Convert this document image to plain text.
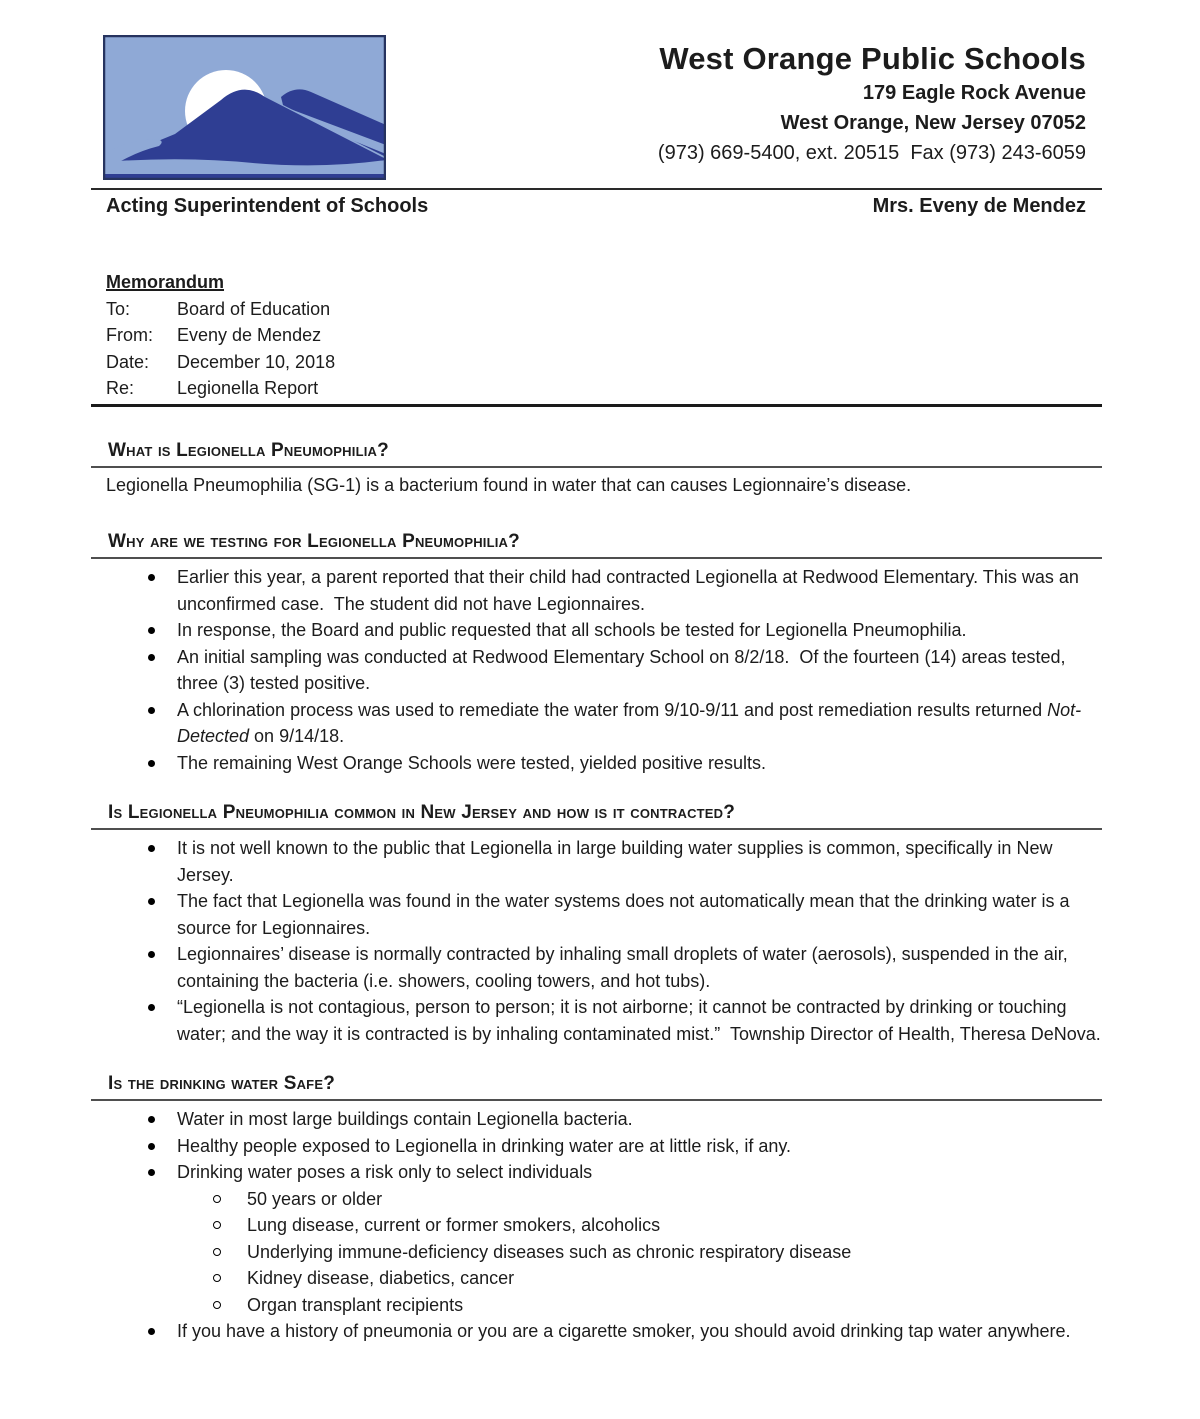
West Orange Public Schools
179 Eagle Rock Avenue
West Orange, New Jersey 07052
(973) 669-5400, ext. 20515  Fax (973) 243-6059
Acting Superintendent of Schools	Mrs. Eveny de Mendez
Memorandum
To:	Board of Education
From:	Eveny de Mendez
Date:	December 10, 2018
Re:	Legionella Report
What is Legionella Pneumophilia?

Legionella Pneumophilia (SG-1) is a bacterium found in water that can causes Legionnaire’s disease.

Why are we testing for Legionella Pneumophilia?
Earlier this year, a parent reported that their child had contracted Legionella at Redwood Elementary. This was an unconfirmed case.  The student did not have Legionnaires.
In response, the Board and public requested that all schools be tested for Legionella Pneumophilia.
An initial sampling was conducted at Redwood Elementary School on 8/2/18.  Of the fourteen (14) areas tested, three (3) tested positive.
A chlorination process was used to remediate the water from 9/10-9/11 and post remediation results returned Not-Detected on 9/14/18.
The remaining West Orange Schools were tested, yielded positive results.
Is Legionella Pneumophilia common in New Jersey and how is it contracted?
It is not well known to the public that Legionella in large building water supplies is common, specifically in New Jersey.
The fact that Legionella was found in the water systems does not automatically mean that the drinking water is a source for Legionnaires.
Legionnaires’ disease is normally contracted by inhaling small droplets of water (aerosols), suspended in the air, containing the bacteria (i.e. showers, cooling towers, and hot tubs).
“Legionella is not contagious, person to person; it is not airborne; it cannot be contracted by drinking or touching water; and the way it is contracted is by inhaling contaminated mist.”  Township Director of Health, Theresa DeNova.
Is the drinking water Safe?
Water in most large buildings contain Legionella bacteria.
Healthy people exposed to Legionella in drinking water are at little risk, if any.
Drinking water poses a risk only to select individuals
50 years or older
Lung disease, current or former smokers, alcoholics
Underlying immune-deficiency diseases such as chronic respiratory disease
Kidney disease, diabetics, cancer
Organ transplant recipients
If you have a history of pneumonia or you are a cigarette smoker, you should avoid drinking tap water anywhere.
